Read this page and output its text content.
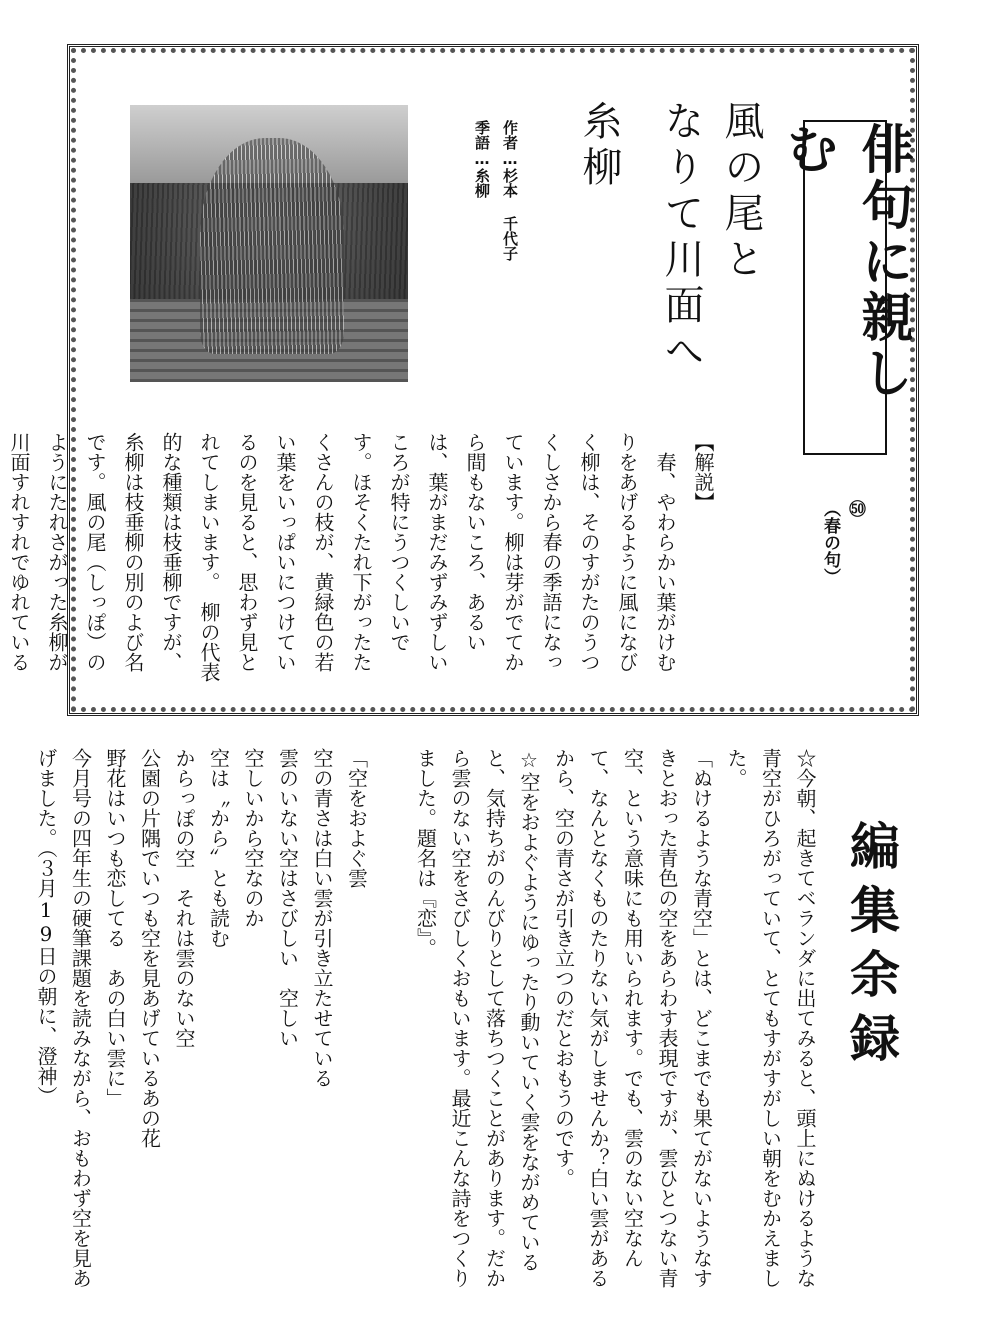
俳句に親しむ
㊿ （春の句）
風の尾と
なりて川面へ
糸柳
作者…杉本 千代子
季語…糸柳
【解説】
　春、やわらかい葉がけむりをあげるように風になびく柳は、そのすがたのうつくしさから春の季語になっています。柳は芽がでてから間もないころ、あるいは、葉がまだみずみずしいころが特にうつくしいです。ほそくたれ下がったたくさんの枝が、黄緑色の若い葉をいっぱいにつけているのを見ると、思わず見とれてしまいます。　柳の代表的な種類は枝垂柳ですが、糸柳は枝垂柳の別のよび名です。風の尾（しっぽ）のようにたれさがった糸柳が川面すれすれでゆれている
編集余録
☆今朝、起きてベランダに出てみると、頭上にぬけるような青空がひろがっていて、とてもすがすがしい朝をむかえました。
「ぬけるような青空」とは、どこまでも果てがないようなすきとおった青色の空をあらわす表現ですが、雲ひとつない青空、という意味にも用いられます。でも、雲のない空なんて、なんとなくものたりない気がしませんか？白い雲があるから、空の青さが引き立つのだとおもうのです。
☆空をおよぐようにゆったり動いていく雲をながめていると、気持ちがのんびりとして落ちつくことがあります。だから雲のない空をさびしくおもいます。最近こんな詩をつくりました。題名は『恋』。

「空をおよぐ雲
空の青さは白い雲が引き立たせている
雲のいない空はさびしい　空しい
空しいから空なのか
空は〝から〟とも読む
からっぽの空　それは雲のない空
公園の片隅でいつも空を見あげているあの花
野花はいつも恋してる　あの白い雲に」
今月号の四年生の硬筆課題を読みながら、おもわず空を見あげました。（３月19日の朝に、澄神）
